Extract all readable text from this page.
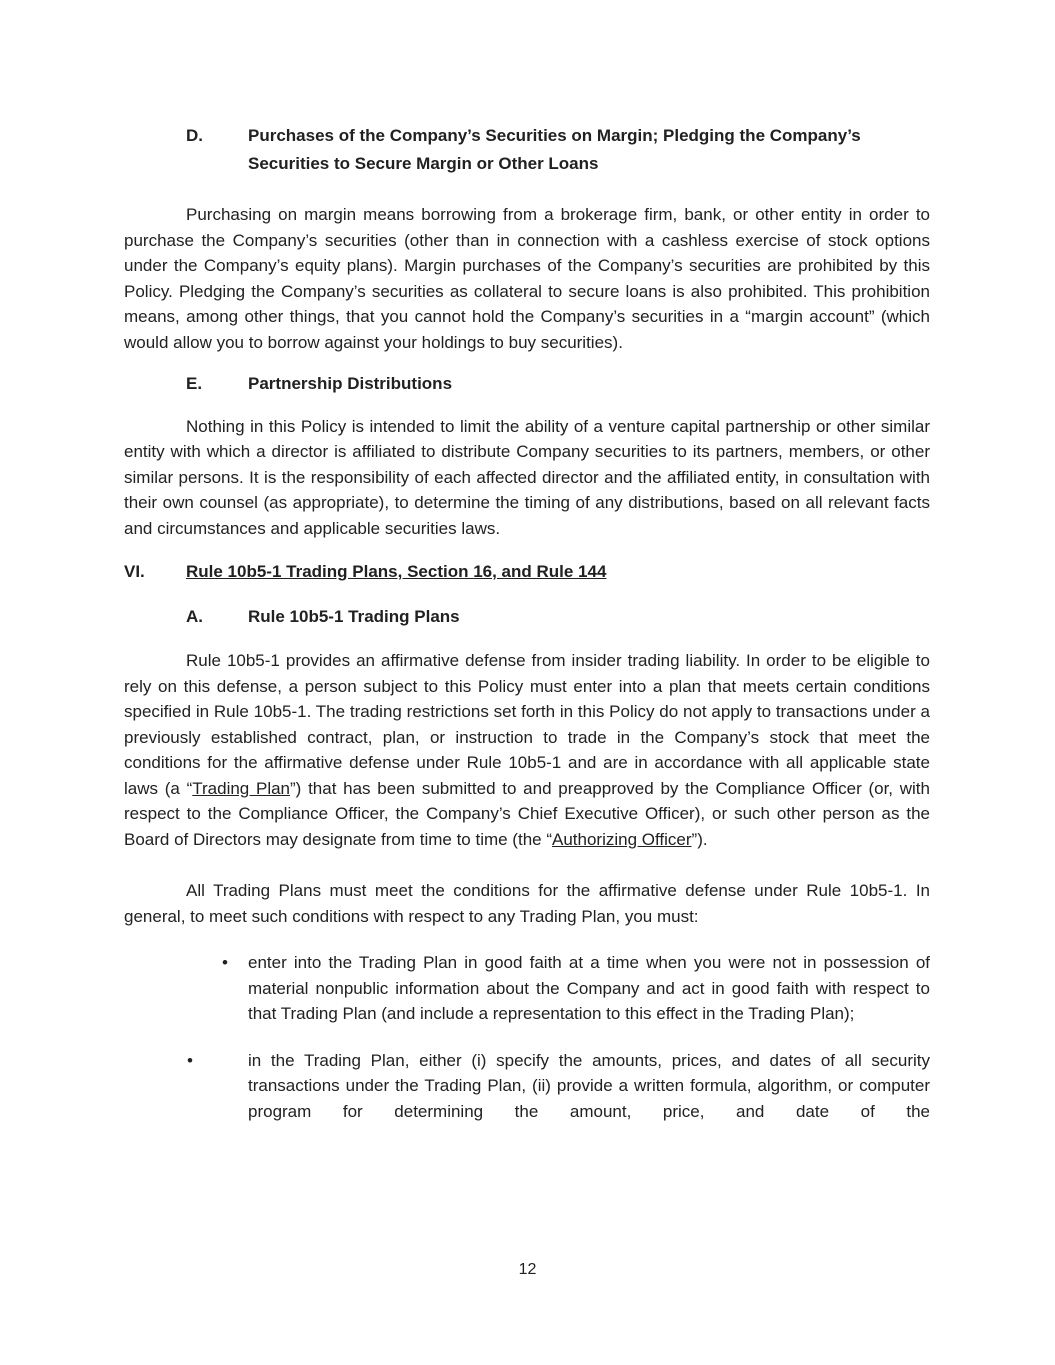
D.	Purchases of the Company’s Securities on Margin; Pledging the Company’s Securities to Secure Margin or Other Loans
Purchasing on margin means borrowing from a brokerage firm, bank, or other entity in order to purchase the Company’s securities (other than in connection with a cashless exercise of stock options under the Company’s equity plans). Margin purchases of the Company’s securities are prohibited by this Policy. Pledging the Company’s securities as collateral to secure loans is also prohibited. This prohibition means, among other things, that you cannot hold the Company’s securities in a “margin account” (which would allow you to borrow against your holdings to buy securities).
E.	Partnership Distributions
Nothing in this Policy is intended to limit the ability of a venture capital partnership or other similar entity with which a director is affiliated to distribute Company securities to its partners, members, or other similar persons. It is the responsibility of each affected director and the affiliated entity, in consultation with their own counsel (as appropriate), to determine the timing of any distributions, based on all relevant facts and circumstances and applicable securities laws.
VI.	Rule 10b5-1 Trading Plans, Section 16, and Rule 144
A.	Rule 10b5-1 Trading Plans
Rule 10b5-1 provides an affirmative defense from insider trading liability. In order to be eligible to rely on this defense, a person subject to this Policy must enter into a plan that meets certain conditions specified in Rule 10b5-1. The trading restrictions set forth in this Policy do not apply to transactions under a previously established contract, plan, or instruction to trade in the Company’s stock that meet the conditions for the affirmative defense under Rule 10b5-1 and are in accordance with all applicable state laws (a “Trading Plan”) that has been submitted to and preapproved by the Compliance Officer (or, with respect to the Compliance Officer, the Company’s Chief Executive Officer), or such other person as the Board of Directors may designate from time to time (the “Authorizing Officer”).
All Trading Plans must meet the conditions for the affirmative defense under Rule 10b5-1. In general, to meet such conditions with respect to any Trading Plan, you must:
• enter into the Trading Plan in good faith at a time when you were not in possession of material nonpublic information about the Company and act in good faith with respect to that Trading Plan (and include a representation to this effect in the Trading Plan);
•	in the Trading Plan, either (i) specify the amounts, prices, and dates of all security transactions under the Trading Plan, (ii) provide a written formula, algorithm, or computer program for determining the amount, price, and date of the
12
